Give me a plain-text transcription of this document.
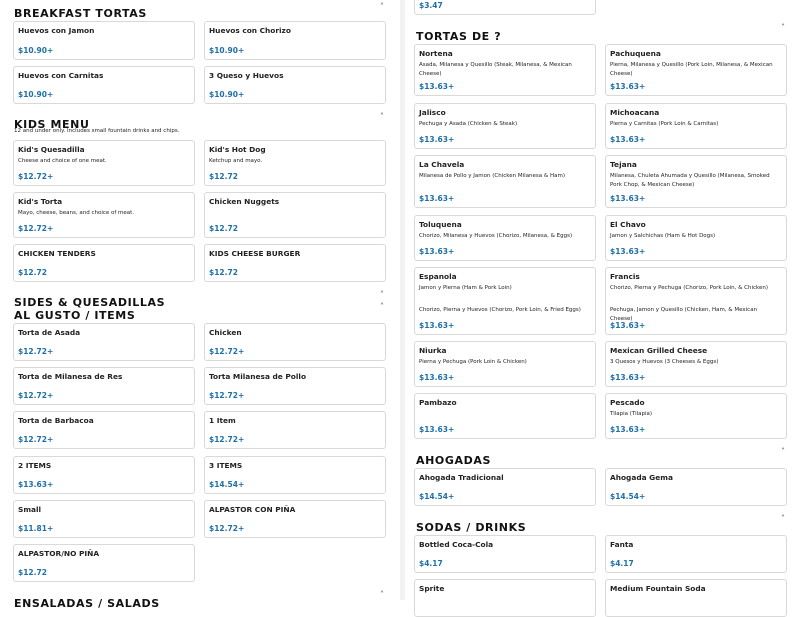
BREAKFAST TORTAS
˄
Huevos con Jamon
$10.90+
Huevos con Chorizo
$10.90+
Huevos con Carnitas
$10.90+
3 Queso y Huevos
$10.90+
KIDS MENU
˄
12 and under only. Includes small fountain drinks and chips.
Kid's Quesadilla
Cheese and choice of one meat.
$12.72+
Kid's Hot Dog
Ketchup and mayo.
$12.72
Kid's Torta
Mayo, cheese, beans, and choice of meat.
$12.72+
Chicken Nuggets
$12.72
CHICKEN TENDERS
$12.72
KIDS CHEESE BURGER
$12.72
SIDES & QUESADILLAS
˄
AL GUSTO / ITEMS
˄
Torta de Asada
$12.72+
Chicken
$12.72+
Torta de Milanesa de Res
$12.72+
Torta Milanesa de Pollo
$12.72+
Torta de Barbacoa
$12.72+
1 Item
$12.72+
2 ITEMS
$13.63+
3 ITEMS
$14.54+
Small
$11.81+
ALPASTOR CON PIÑA
$12.72+
ALPASTOR/NO PIÑA
$12.72
ENSALADAS / SALADS
˄
$3.47
TORTAS DE ?
˄
Nortena
Asada, Milanesa y Quesillo (Steak, Milanesa, & Mexican Cheese)
$13.63+
Pachuquena
Pierna, Milanesa y Quesillo (Pork Loin, Milanesa, & Mexican Cheese)
$13.63+
Jalisco
Pechuga y Asada (Chicken & Steak)
$13.63+
Michoacana
Pierna y Carnitas (Pork Loin & Carnitas)
$13.63+
La Chavela
Milanesa de Pollo y Jamon (Chicken Milanesa & Ham)
$13.63+
Tejana
Milanesa, Chuleta Ahumada y Quesillo (Milanesa, Smoked Pork Chop, & Mexican Cheese)
$13.63+
Toluquena
Chorizo, Milanesa y Huevos (Chorizo, Milanesa, & Eggs)
$13.63+
El Chavo
Jamon y Salchichas (Ham & Hot Dogs)
$13.63+
Espanola
Jamon y Pierna (Ham & Pork Loin)
Chorizo, Pierna y Huevos (Chorizo, Pork Loin, & Fried Eggs)
$13.63+
Francis
Chorizo, Pierna y Pechuga (Chorizo, Pork Loin, & Chicken)
Pechuga, Jamon y Quesillo (Chicken, Ham, & Mexican Cheese)
$13.63+
Niurka
Pierna y Pechuga (Pork Loin & Chicken)
$13.63+
Mexican Grilled Cheese
3 Quesos y Huevos (3 Cheeses & Eggs)
$13.63+
Pambazo
$13.63+
Pescado
Tilapia (Tilapia)
$13.63+
AHOGADAS
˄
Ahogada Tradicional
$14.54+
Ahogada Gema
$14.54+
SODAS / DRINKS
˄
Bottled Coca-Cola
$4.17
Fanta
$4.17
Sprite	Medium Fountain Soda
